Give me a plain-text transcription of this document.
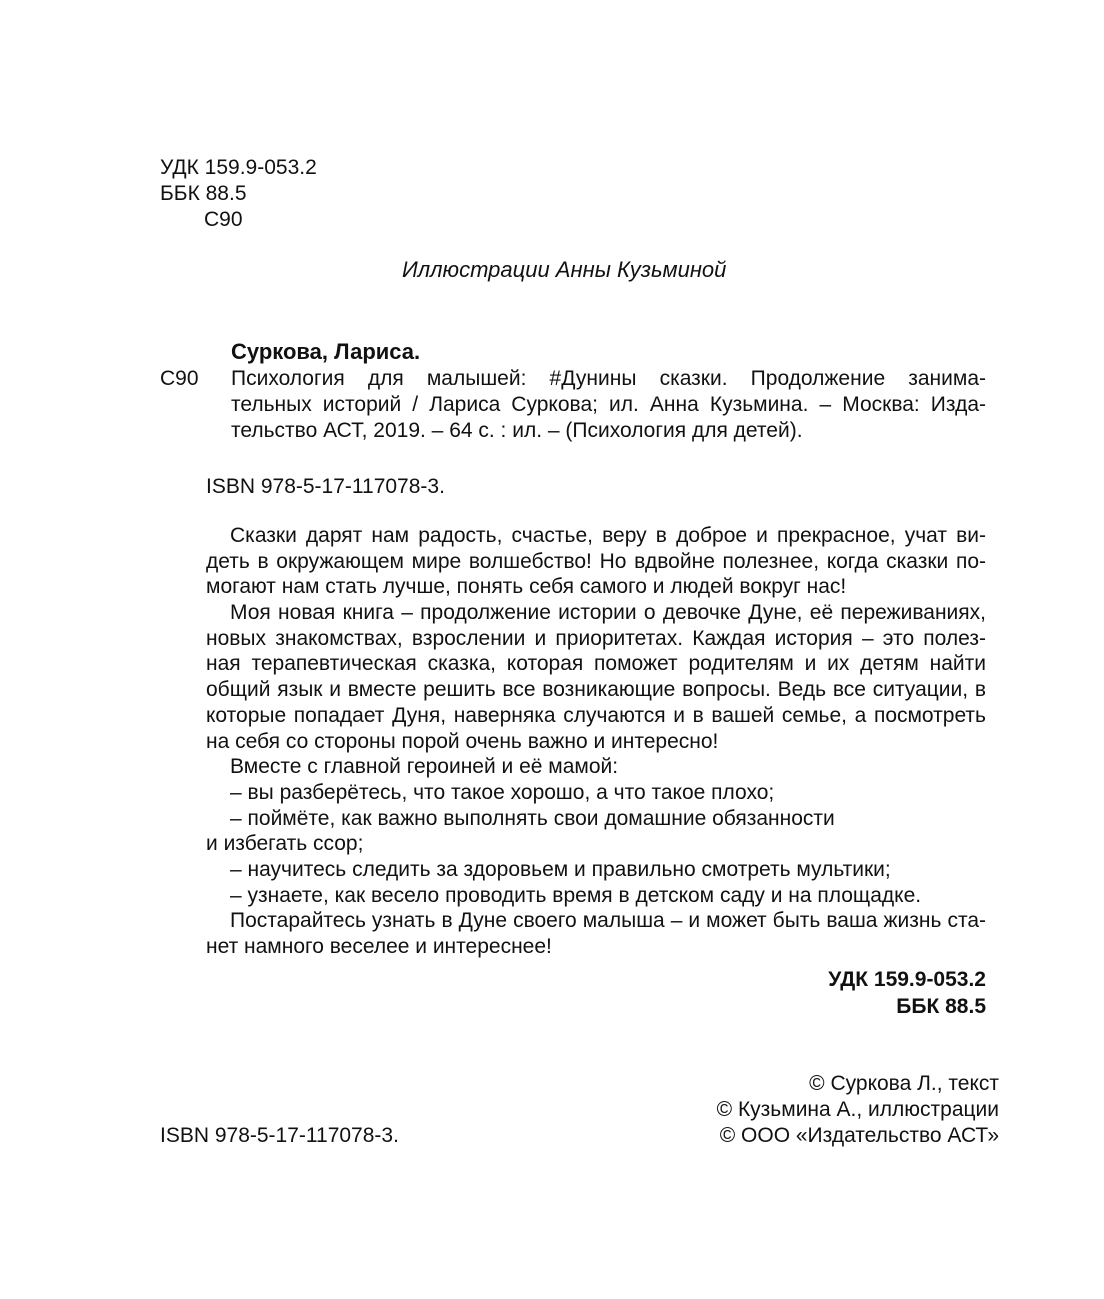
УДК 159.9-053.2
ББК 88.5
С90
Иллюстрации Анны Кузьминой
Суркова, Лариса.
С90 Психология для малышей: #Дунины сказки. Продолжение занима-
тельных историй / Лариса Суркова; ил. Анна Кузьмина. – Москва: Изда-
тельство АСТ, 2019. – 64 с. : ил. – (Психология для детей).
ISBN 978-5-17-117078-3.
Сказки дарят нам радость, счастье, веру в доброе и прекрасное, учат ви-
деть в окружающем мире волшебство! Но вдвойне полезнее, когда сказки по-
могают нам стать лучше, понять себя самого и людей вокруг нас!
Моя новая книга – продолжение истории о девочке Дуне, её переживаниях,
новых знакомствах, взрослении и приоритетах. Каждая история – это полез-
ная терапевтическая сказка, которая поможет родителям и их детям найти
общий язык и вместе решить все возникающие вопросы. Ведь все ситуации, в
которые попадает Дуня, наверняка случаются и в вашей семье, а посмотреть
на себя со стороны порой очень важно и интересно!
Вместе с главной героиней и её мамой:
– вы разберётесь, что такое хорошо, а что такое плохо;
– поймёте, как важно выполнять свои домашние обязанности
и избегать ссор;
– научитесь следить за здоровьем и правильно смотреть мультики;
– узнаете, как весело проводить время в детском саду и на площадке.
Постарайтесь узнать в Дуне своего малыша – и может быть ваша жизнь ста-
нет намного веселее и интереснее!
УДК 159.9-053.2
ББК 88.5
© Суркова Л., текст
© Кузьмина А., иллюстрации
© ООО «Издательство АСТ»
ISBN 978-5-17-117078-3.
